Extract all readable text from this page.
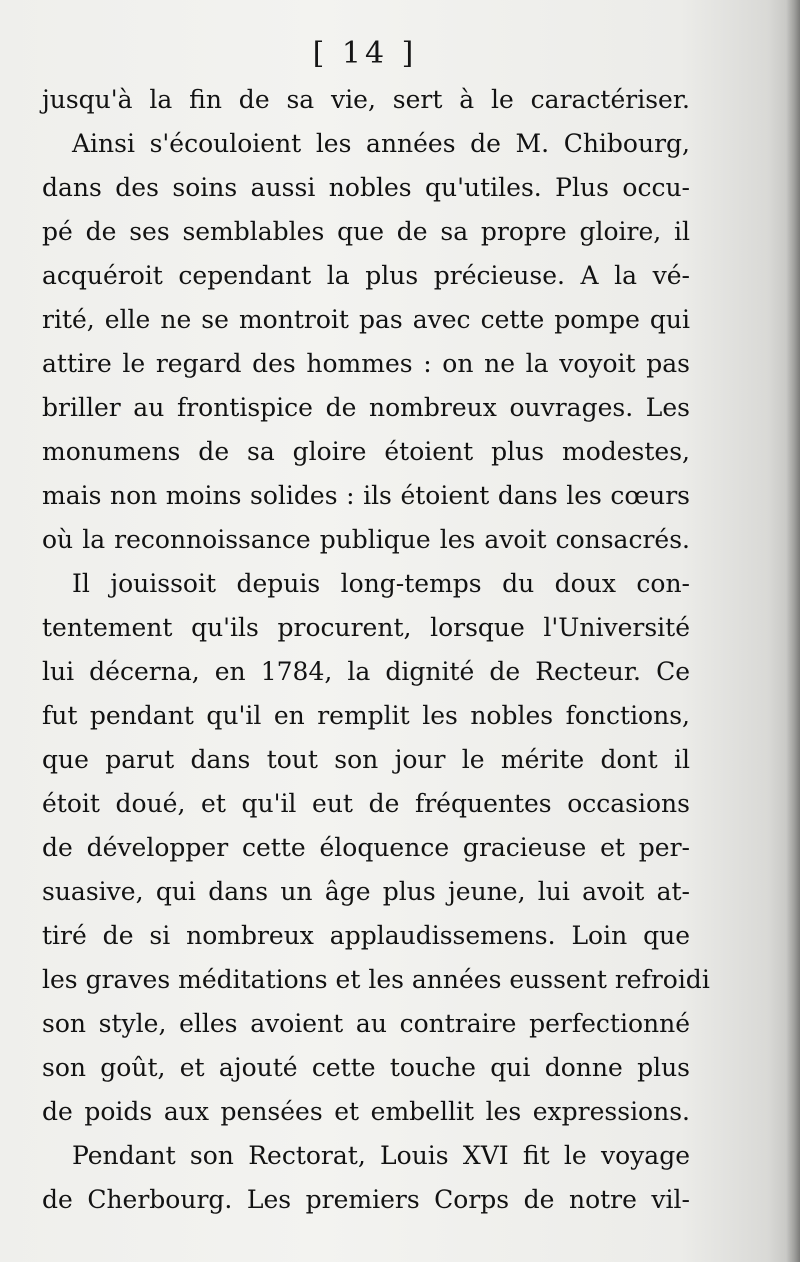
[ 14 ]
jusqu'à la fin de sa vie, sert à le caractériser.
Ainsi s'écouloient les années de M. Chibourg,
dans des soins aussi nobles qu'utiles. Plus occu-
pé de ses semblables que de sa propre gloire, il
acquéroit cependant la plus précieuse. A la vé-
rité, elle ne se montroit pas avec cette pompe qui
attire le regard des hommes : on ne la voyoit pas
briller au frontispice de nombreux ouvrages. Les
monumens de sa gloire étoient plus modestes,
mais non moins solides : ils étoient dans les cœurs
où la reconnoissance publique les avoit consacrés.
Il jouissoit depuis long-temps du doux con-
tentement qu'ils procurent, lorsque l'Université
lui décerna, en 1784, la dignité de Recteur. Ce
fut pendant qu'il en remplit les nobles fonctions,
que parut dans tout son jour le mérite dont il
étoit doué, et qu'il eut de fréquentes occasions
de développer cette éloquence gracieuse et per-
suasive, qui dans un âge plus jeune, lui avoit at-
tiré de si nombreux applaudissemens. Loin que
les graves méditations et les années eussent refroidi
son style, elles avoient au contraire perfectionné
son goût, et ajouté cette touche qui donne plus
de poids aux pensées et embellit les expressions.
Pendant son Rectorat, Louis XVI fit le voyage
de Cherbourg. Les premiers Corps de notre vil-
